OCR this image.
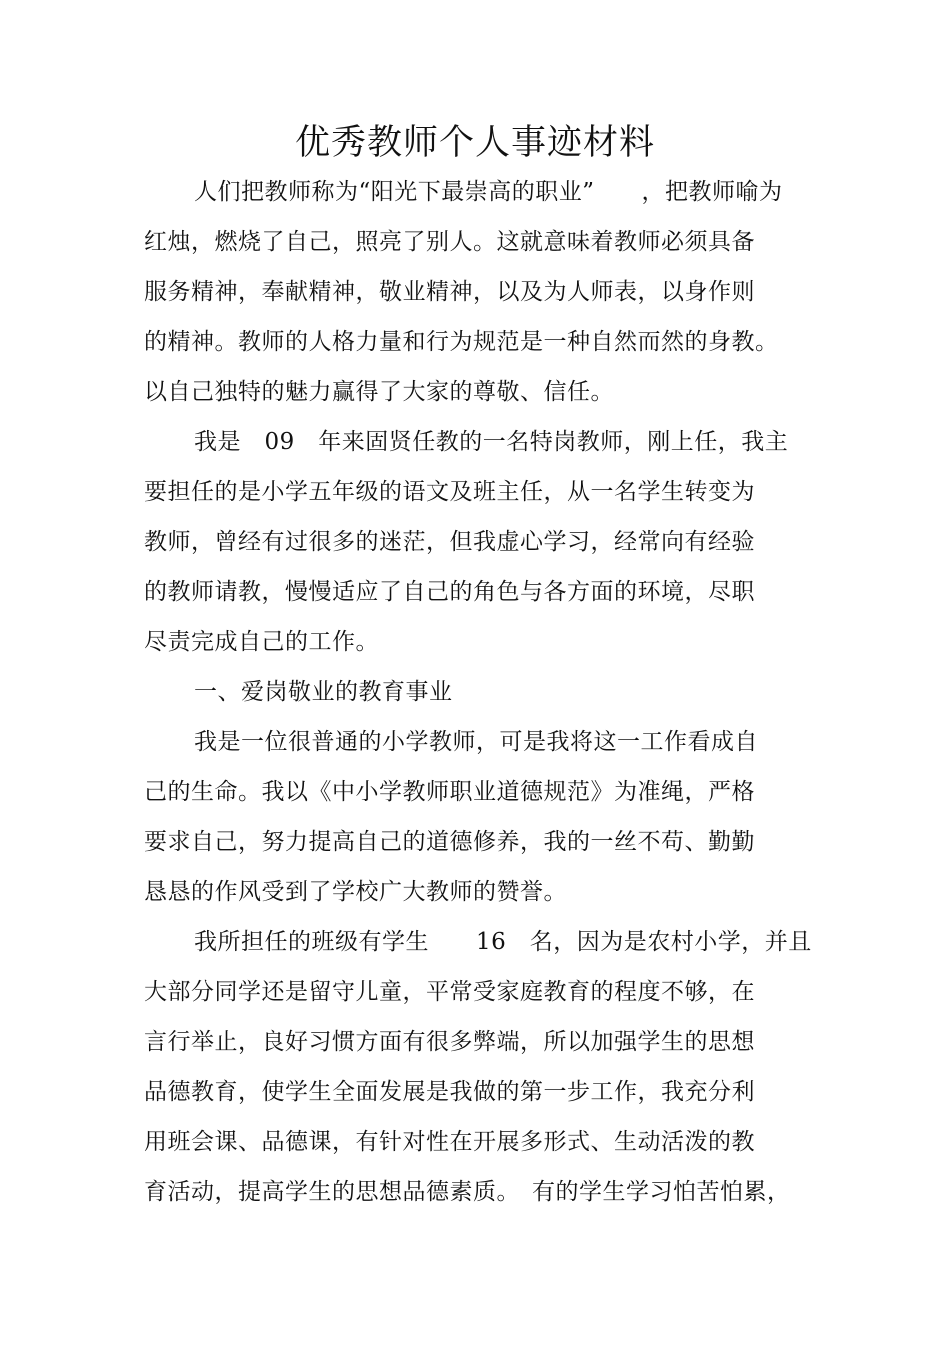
优秀教师个人事迹材料
人们把教师称为“阳光下最崇高的职业”　　，把教师喻为
红烛，燃烧了自己，照亮了别人。这就意味着教师必须具备
服务精神，奉献精神，敬业精神，以及为人师表，以身作则
的精神。教师的人格力量和行为规范是一种自然而然的身教。
以自己独特的魅力赢得了大家的尊敬、信任。
我是　09　年来固贤任教的一名特岗教师，刚上任，我主
要担任的是小学五年级的语文及班主任，从一名学生转变为
教师，曾经有过很多的迷茫，但我虚心学习，经常向有经验
的教师请教，慢慢适应了自己的角色与各方面的环境，尽职
尽责完成自己的工作。
一、爱岗敬业的教育事业
我是一位很普通的小学教师，可是我将这一工作看成自
己的生命。我以《中小学教师职业道德规范》为准绳，严格
要求自己，努力提高自己的道德修养，我的一丝不苟、勤勤
恳恳的作风受到了学校广大教师的赞誉。
我所担任的班级有学生　　16　名，因为是农村小学，并且
大部分同学还是留守儿童，平常受家庭教育的程度不够，在
言行举止，良好习惯方面有很多弊端，所以加强学生的思想
品德教育，使学生全面发展是我做的第一步工作，我充分利
用班会课、品德课，有针对性在开展多形式、生动活泼的教
育活动，提高学生的思想品德素质。　有的学生学习怕苦怕累，
